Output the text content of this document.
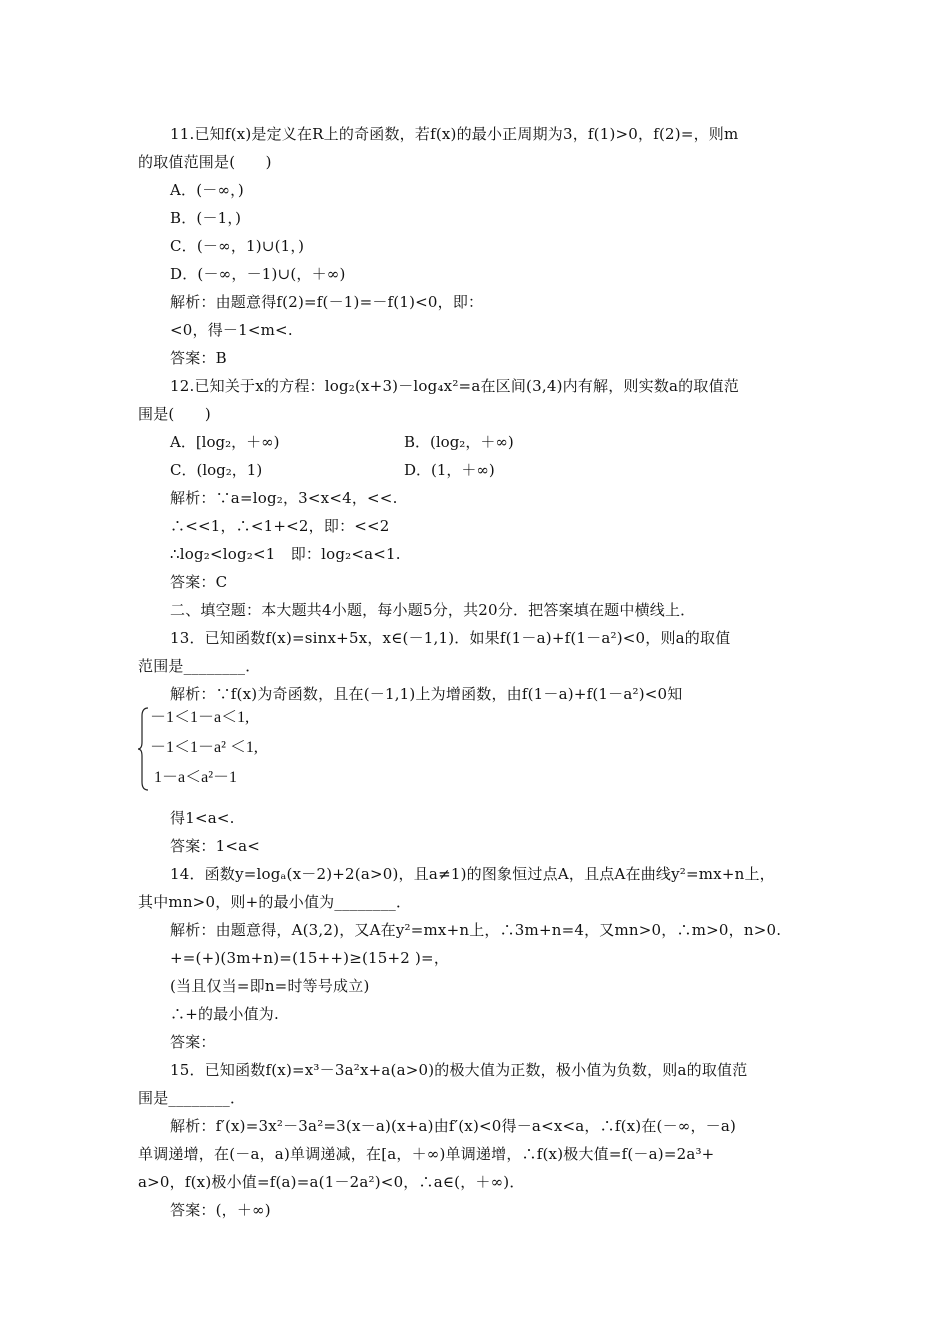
11.已知f(x)是定义在R上的奇函数，若f(x)的最小正周期为3，f(1)>0，f(2)=，则m
的取值范围是(　　)
A．(－∞，)
B．(－1，)
C．(－∞，1)∪(1，)
D．(－∞，－1)∪(，＋∞)
解析：由题意得f(2)=f(－1)=－f(1)<0，即：
<0，得－1<m<.
答案：B
12.已知关于x的方程：log₂(x+3)－log₄x²=a在区间(3,4)内有解，则实数a的取值范
围是(　　)
A．[log₂，＋∞)	B．(log₂，＋∞)
C．(log₂，1)	D．(1，＋∞)
解析：∵a=log₂，3<x<4，<<.
∴<<1，∴<1+<2，即：<<2
∴log₂<log₂<1　即：log₂<a<1.
答案：C
二、填空题：本大题共4小题，每小题5分，共20分．把答案填在题中横线上．
13．已知函数f(x)=sinx+5x，x∈(－1,1)．如果f(1－a)+f(1－a²)<0，则a的取值
范围是________．
解析：∵f(x)为奇函数，且在(－1,1)上为增函数，由f(1－a)+f(1－a²)<0知
－1＜1－a＜1,
－1＜1－a² ＜1,
1－a＜a²－1
得1<a<.
答案：1<a<
14．函数y=logₐ(x－2)+2(a>0)，且a≠1)的图象恒过点A，且点A在曲线y²=mx+n上，
其中mn>0，则+的最小值为________．
解析：由题意得，A(3,2)，又A在y²=mx+n上，∴3m+n=4，又mn>0，∴m>0，n>0.
+=(+)(3m+n)=(15++)≥(15+2 )=，
(当且仅当=即n=时等号成立)
∴+的最小值为.
答案：
15．已知函数f(x)=x³－3a²x+a(a>0)的极大值为正数，极小值为负数，则a的取值范
围是________．
解析：f′(x)=3x²－3a²=3(x－a)(x+a)由f′(x)<0得－a<x<a，∴f(x)在(－∞，－a)
单调递增，在(－a，a)单调递减，在[a，＋∞)单调递增，∴f(x)极大值=f(－a)=2a³+
a>0，f(x)极小值=f(a)=a(1－2a²)<0，∴a∈(，＋∞)．
答案：(，＋∞)
